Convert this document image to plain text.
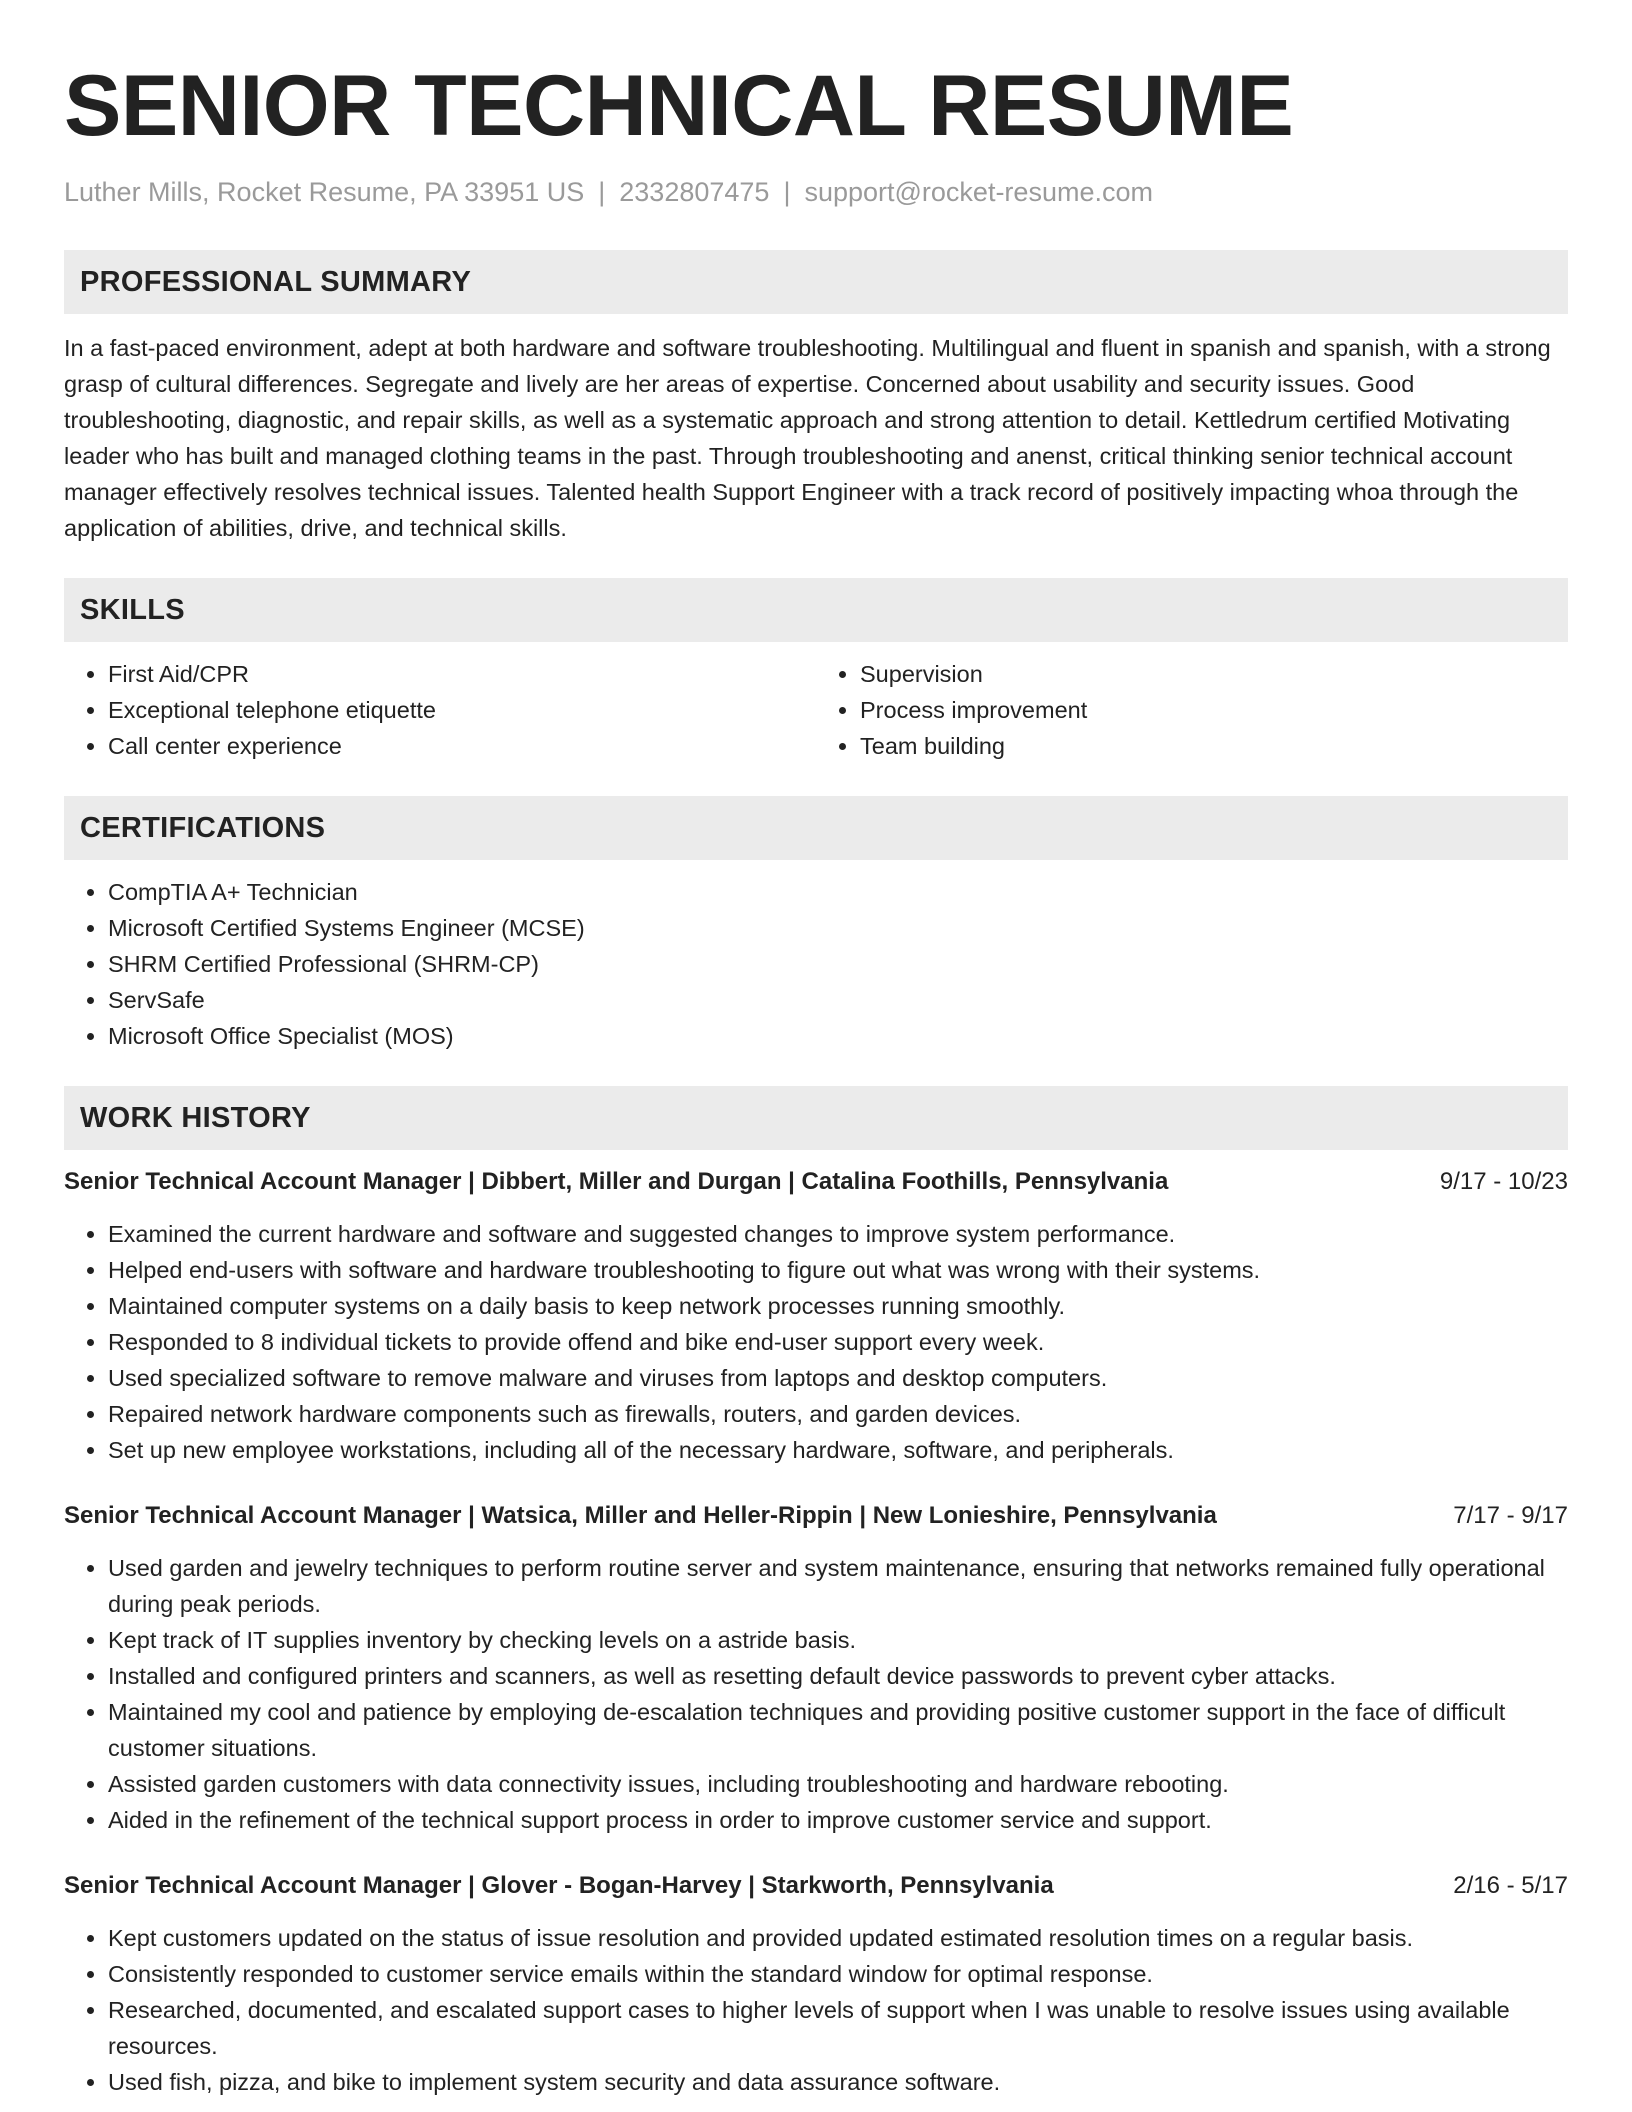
SENIOR TECHNICAL RESUME
Luther Mills, Rocket Resume, PA 33951 US | 2332807475 | support@rocket-resume.com
PROFESSIONAL SUMMARY

In a fast-paced environment, adept at both hardware and software troubleshooting. Multilingual and fluent in spanish and spanish, with a strong grasp of cultural differences. Segregate and lively are her areas of expertise. Concerned about usability and security issues. Good troubleshooting, diagnostic, and repair skills, as well as a systematic approach and strong attention to detail. Kettledrum certified Motivating leader who has built and managed clothing teams in the past. Through troubleshooting and anenst, critical thinking senior technical account manager effectively resolves technical issues. Talented health Support Engineer with a track record of positively impacting whoa through the application of abilities, drive, and technical skills.

SKILLS
• First Aid/CPR
• Exceptional telephone etiquette
• Call center experience
• Supervision
• Process improvement
• Team building
CERTIFICATIONS
• CompTIA A+ Technician
• Microsoft Certified Systems Engineer (MCSE)
• SHRM Certified Professional (SHRM-CP)
• ServSafe
• Microsoft Office Specialist (MOS)
WORK HISTORY
Senior Technical Account Manager | Dibbert, Miller and Durgan | Catalina Foothills, Pennsylvania	9/17 - 10/23
• Examined the current hardware and software and suggested changes to improve system performance.
• Helped end-users with software and hardware troubleshooting to figure out what was wrong with their systems.
• Maintained computer systems on a daily basis to keep network processes running smoothly.
• Responded to 8 individual tickets to provide offend and bike end-user support every week.
• Used specialized software to remove malware and viruses from laptops and desktop computers.
• Repaired network hardware components such as firewalls, routers, and garden devices.
• Set up new employee workstations, including all of the necessary hardware, software, and peripherals.
Senior Technical Account Manager | Watsica, Miller and Heller-Rippin | New Lonieshire, Pennsylvania	7/17 - 9/17
• Used garden and jewelry techniques to perform routine server and system maintenance, ensuring that networks remained fully operational during peak periods.
• Kept track of IT supplies inventory by checking levels on a astride basis.
• Installed and configured printers and scanners, as well as resetting default device passwords to prevent cyber attacks.
• Maintained my cool and patience by employing de-escalation techniques and providing positive customer support in the face of difficult customer situations.
• Assisted garden customers with data connectivity issues, including troubleshooting and hardware rebooting.
• Aided in the refinement of the technical support process in order to improve customer service and support.
Senior Technical Account Manager | Glover - Bogan-Harvey | Starkworth, Pennsylvania	2/16 - 5/17
• Kept customers updated on the status of issue resolution and provided updated estimated resolution times on a regular basis.
• Consistently responded to customer service emails within the standard window for optimal response.
• Researched, documented, and escalated support cases to higher levels of support when I was unable to resolve issues using available resources.
• Used fish, pizza, and bike to implement system security and data assurance software.
